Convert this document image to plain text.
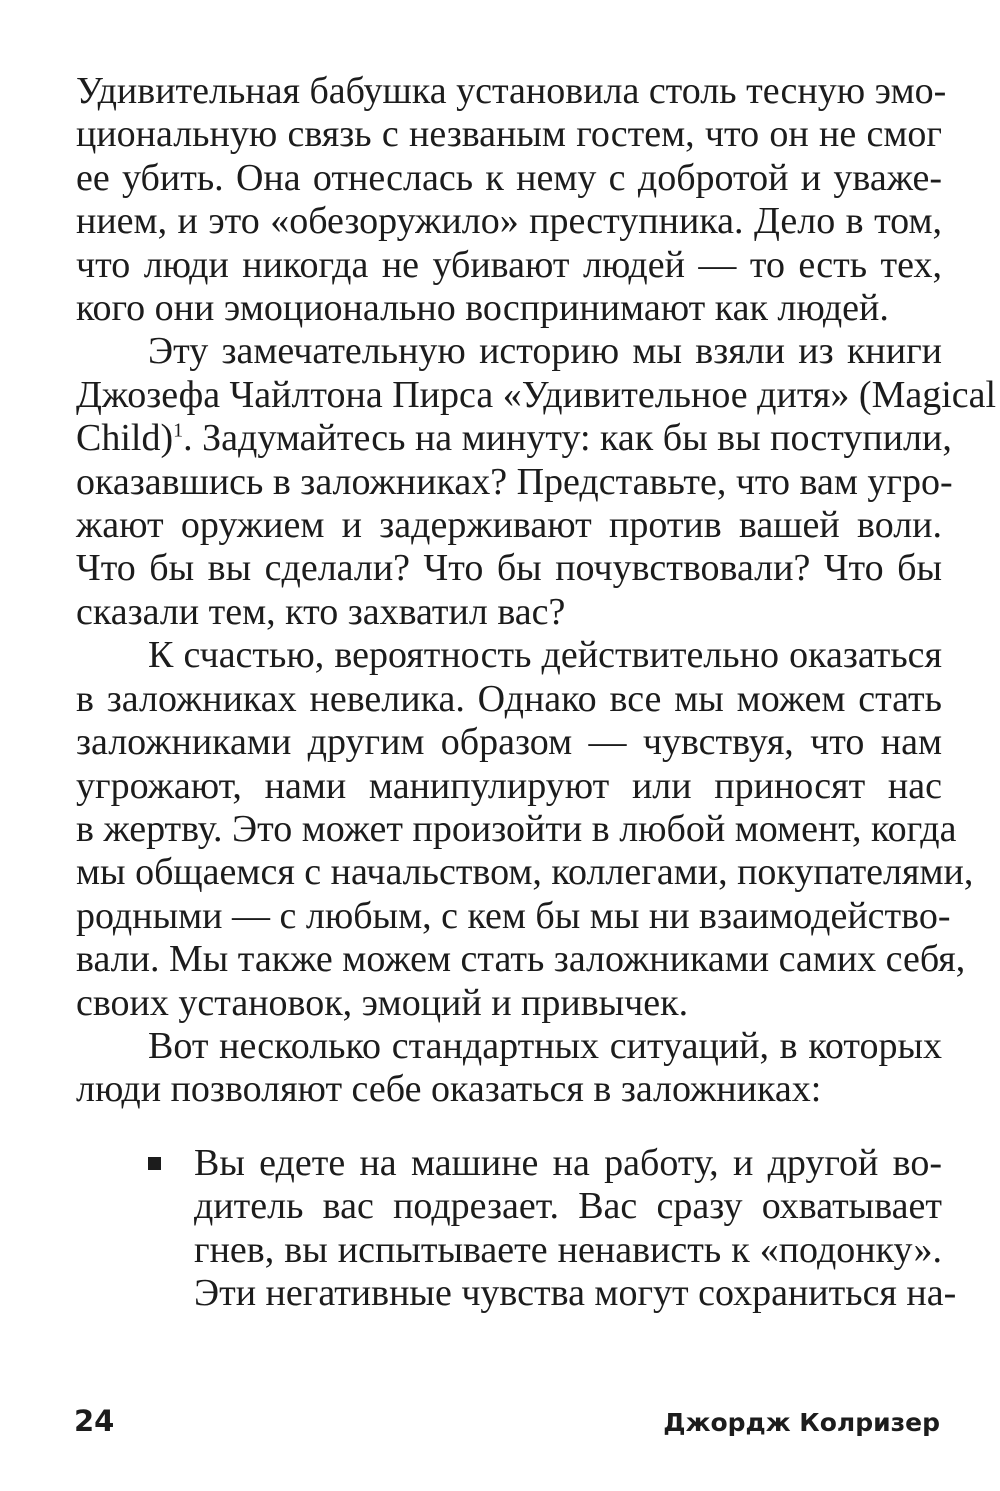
Удивительная бабушка установила столь тесную эмо-
циональную связь с незваным гостем, что он не смог
ее убить. Она отнеслась к нему с добротой и уваже-
нием, и это «обезоружило» преступника. Дело в том,
что люди никогда не убивают людей — то есть тех,
кого они эмоционально воспринимают как людей.

Эту замечательную историю мы взяли из книги
Джозефа Чайлтона Пирса «Удивительное дитя» (Magical
Child)$^1$. Задумайтесь на минуту: как бы вы поступили,
оказавшись в заложниках? Представьте, что вам угро-
жают оружием и задерживают против вашей воли.
Что бы вы сделали? Что бы почувствовали? Что бы
сказали тем, кто захватил вас?

К счастью, вероятность действительно оказаться
в заложниках невелика. Однако все мы можем стать
заложниками другим образом — чувствуя, что нам
угрожают, нами манипулируют или приносят нас
в жертву. Это может произойти в любой момент, когда
мы общаемся с начальством, коллегами, покупателями,
родными — с любым, с кем бы мы ни взаимодейство-
вали. Мы также можем стать заложниками самих себя,
своих установок, эмоций и привычек.

Вот несколько стандартных ситуаций, в которых
люди позволяют себе оказаться в заложниках:

Вы едете на машине на работу, и другой во-
дитель вас подрезает. Вас сразу охватывает
гнев, вы испытываете ненависть к «подонку».
Эти негативные чувства могут сохраниться на-
24	Джордж Колризер
